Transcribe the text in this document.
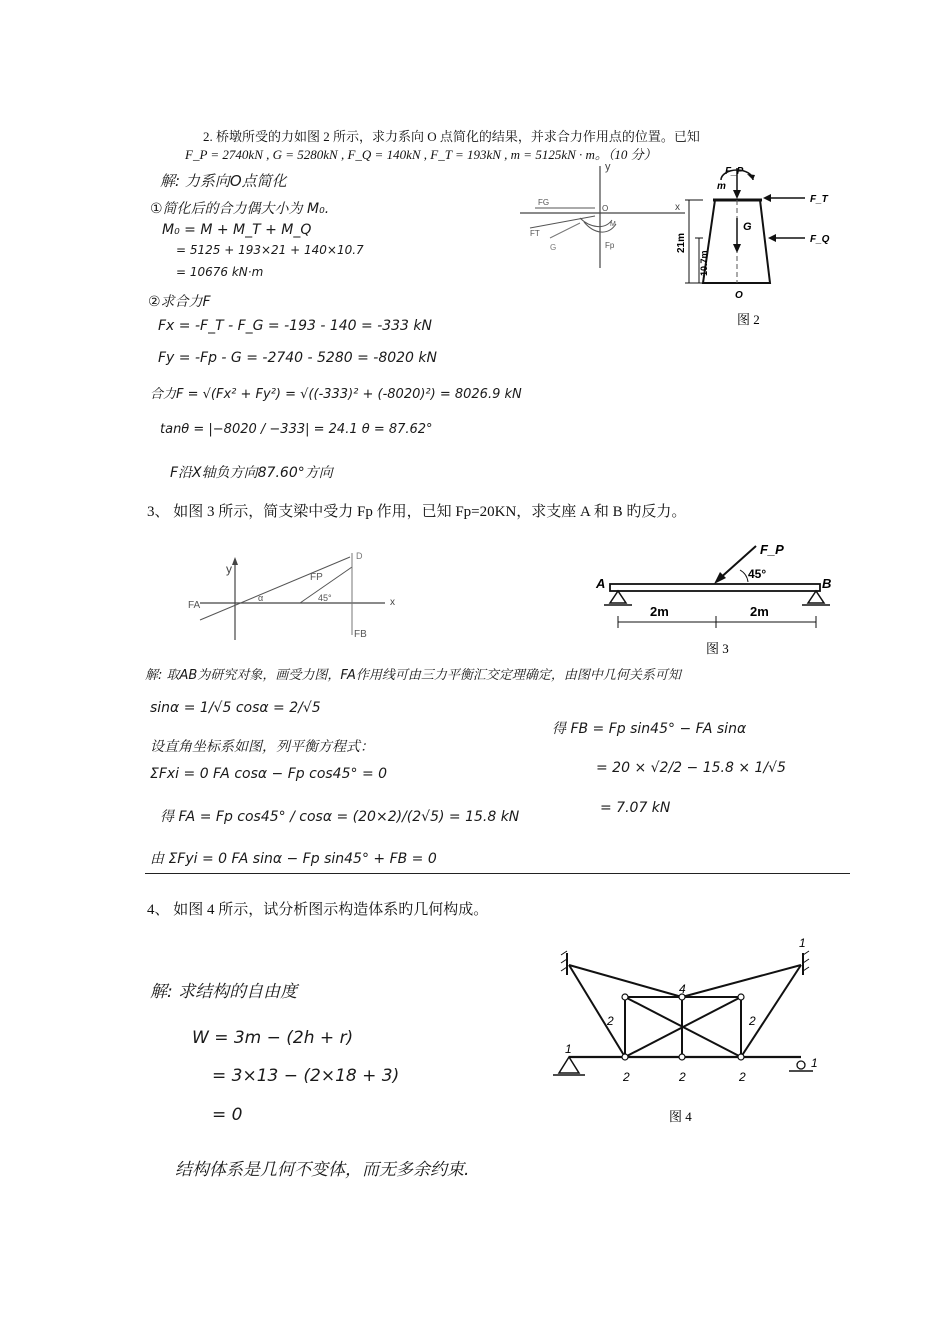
2. 桥墩所受的力如图 2 所示，求力系向 O 点简化的结果，并求合力作用点的位置。已知
F_P = 2740kN , G = 5280kN , F_Q = 140kN , F_T = 193kN , m = 5125kN · m。（10 分）
解: 力系向O点简化
①简化后的合力偶大小为 M₀.
M₀ = M + M_T + M_Q
= 5125 + 193×21 + 140×10.7
= 10676 kN·m
②求合力F
Fx = -F_T - F_G = -193 - 140 = -333 kN
Fy = -Fp - G = -2740 - 5280 = -8020 kN
合力F = √(Fx² + Fy²) = √((-333)² + (-8020)²) = 8026.9 kN
tanθ = |−8020 / −333| = 24.1 θ = 87.62°
F沿X轴负方向87.60°方向
y
x
O
FG
FT
G
M
Fp
F_P
m
F_T
F_Q
G
O
21m
10.7m
图 2
3、 如图 3 所示，简支梁中受力 Fp 作用，已知 Fp=20KN，求支座 A 和 B 旳反力。
y
x
FA
FP
FB
D
α	45°
A	B
F_P
45°
2m	2m
图 3
解: 取AB为研究对象，画受力图，FA作用线可由三力平衡汇交定理确定，由图中几何关系可知
sinα = 1/√5 cosα = 2/√5
设直角坐标系如图，列平衡方程式：
ΣFxi = 0 FA cosα − Fp cos45° = 0
得 FA = Fp cos45° / cosα = (20×2)/(2√5) = 15.8 kN
由 ΣFyi = 0 FA sinα − Fp sin45° + FB = 0
得 FB = Fp sin45° − FA sinα
= 20 × √2/2 − 15.8 × 1/√5
= 7.07 kN
4、 如图 4 所示，试分析图示构造体系旳几何构成。
解: 求结构的自由度
W = 3m − (2h + r)
= 3×13 − (2×18 + 3)
= 0
结构体系是几何不变体，而无多余约束.
1
4
2	2
1
1
2	2	2
图 4
